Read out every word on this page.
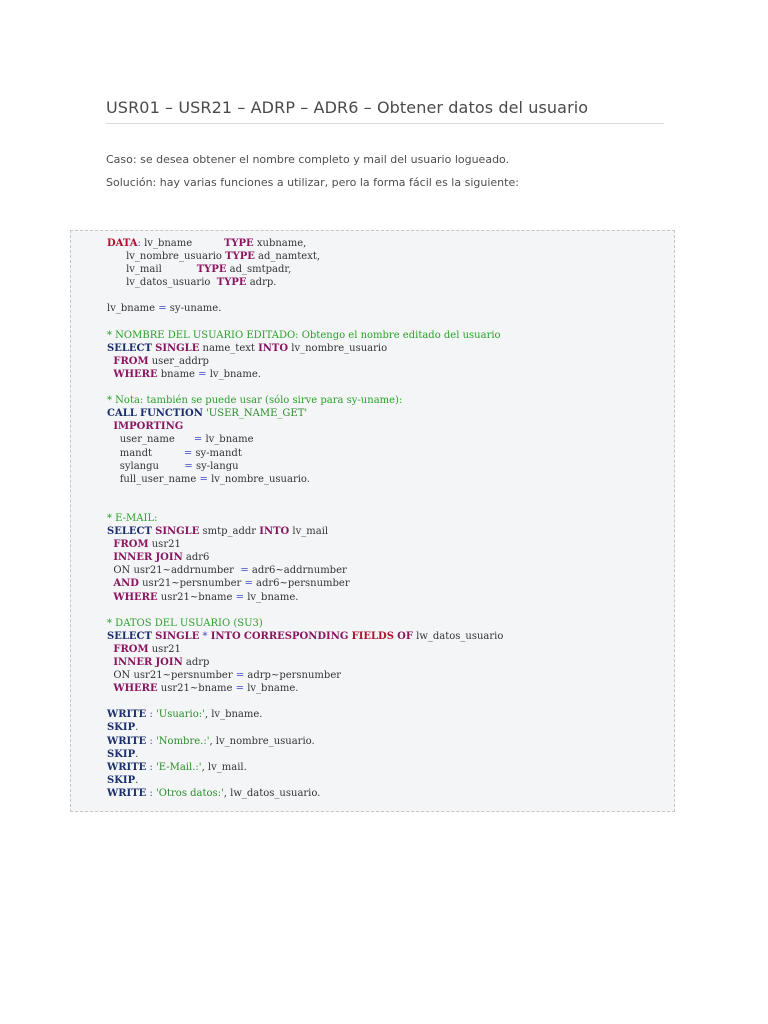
USR01 – USR21 – ADRP – ADR6 – Obtener datos del usuario
Caso: se desea obtener el nombre completo y mail del usuario logueado.
Solución: hay varias funciones a utilizar, pero la forma fácil es la siguiente:
DATA: lv_bname          TYPE xubname,
lv_nombre_usuario TYPE ad_namtext,
lv_mail           TYPE ad_smtpadr,
lv_datos_usuario  TYPE adrp.

lv_bname = sy-uname.

* NOMBRE DEL USUARIO EDITADO: Obtengo el nombre editado del usuario
SELECT SINGLE name_text INTO lv_nombre_usuario
FROM user_addrp
WHERE bname = lv_bname.

* Nota: también se puede usar (sólo sirve para sy-uname):
CALL FUNCTION 'USER_NAME_GET'
IMPORTING
user_name      = lv_bname
mandt          = sy-mandt
sylangu        = sy-langu
full_user_name = lv_nombre_usuario.

* E-MAIL:
SELECT SINGLE smtp_addr INTO lv_mail
FROM usr21
INNER JOIN adr6
ON usr21~addrnumber  = adr6~addrnumber
AND usr21~persnumber = adr6~persnumber
WHERE usr21~bname = lv_bname.

* DATOS DEL USUARIO (SU3)
SELECT SINGLE * INTO CORRESPONDING FIELDS OF lw_datos_usuario
FROM usr21
INNER JOIN adrp
ON usr21~persnumber = adrp~persnumber
WHERE usr21~bname = lv_bname.

WRITE : 'Usuario:', lv_bname.
SKIP.
WRITE : 'Nombre.:', lv_nombre_usuario.
SKIP.
WRITE : 'E-Mail.:', lv_mail.
SKIP.
WRITE : 'Otros datos:', lw_datos_usuario.
